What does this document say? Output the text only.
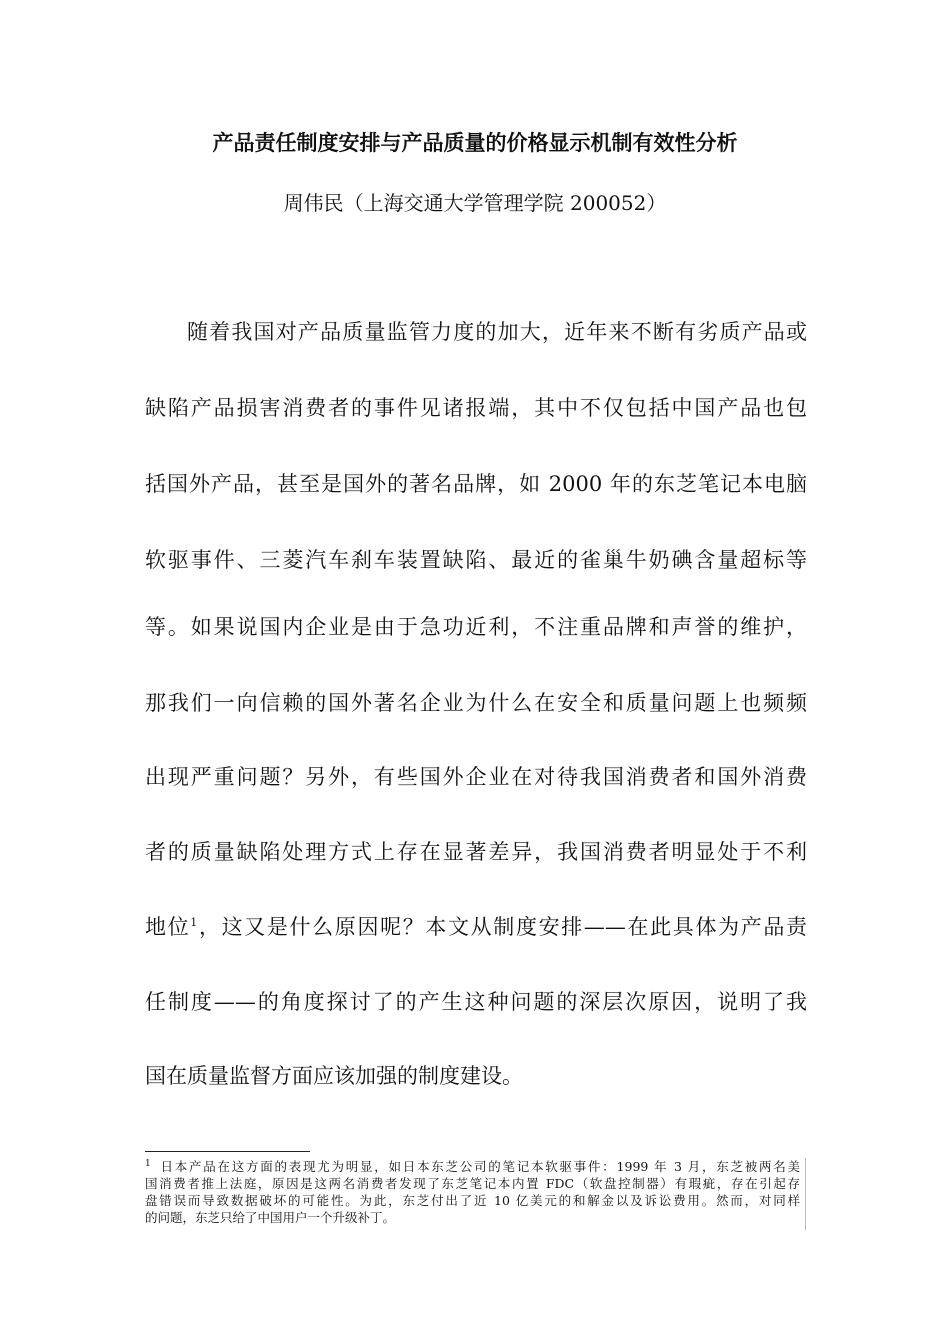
产品责任制度安排与产品质量的价格显示机制有效性分析

周伟民（上海交通大学管理学院 200052）

随着我国对产品质量监管力度的加大，近年来不断有劣质产品或
缺陷产品损害消费者的事件见诸报端，其中不仅包括中国产品也包
括国外产品，甚至是国外的著名品牌，如 2000 年的东芝笔记本电脑
软驱事件、三菱汽车刹车装置缺陷、最近的雀巢牛奶碘含量超标等
等。如果说国内企业是由于急功近利，不注重品牌和声誉的维护，
那我们一向信赖的国外著名企业为什么在安全和质量问题上也频频
出现严重问题？另外，有些国外企业在对待我国消费者和国外消费
者的质量缺陷处理方式上存在显著差异，我国消费者明显处于不利
地位$^1$，这又是什么原因呢？本文从制度安排——在此具体为产品责
任制度——的角度探讨了的产生这种问题的深层次原因，说明了我
国在质量监督方面应该加强的制度建设。
$^1$ 日本产品在这方面的表现尤为明显，如日本东芝公司的笔记本软驱事件：1999 年 3 月，东芝被两名美
国消费者推上法庭，原因是这两名消费者发现了东芝笔记本内置 FDC（软盘控制器）有瑕疵，存在引起存
盘错误而导致数据破坏的可能性。为此，东芝付出了近 10 亿美元的和解金以及诉讼费用。然而，对同样
的问题，东芝只给了中国用户一个升级补丁。
